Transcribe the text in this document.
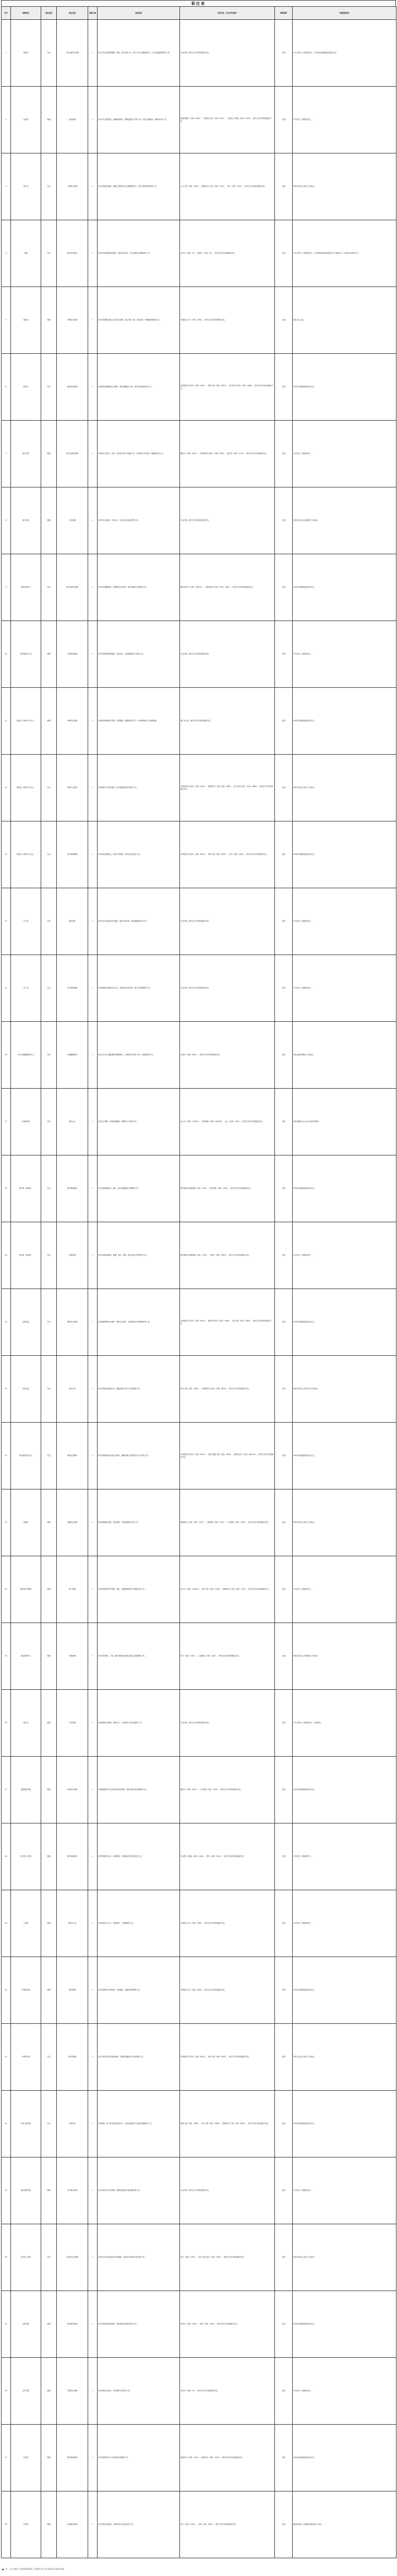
职位表
序号	招聘单位	岗位类别	岗位名称	招聘人数	岗位职责	所学专业、学历/学位要求	招聘范围	其他资格条件
1	组织部	专技	干部人事综合管理	1	负责干部人事档案整理、审核、数字化等工作；参与干部人事制度改革、人才队伍建设等相关工作。	专业不限，研究生学历并取得相应学位。	全国	1.中共党员（含预备党员）；2.2024年普通高校应届毕业生。
2	宣传部	管理	宣传管理	1	负责对外宣传报道、新闻媒体联络、舆情监测与引导等工作；负责文稿起草、新闻采写等工作。	新闻传播学（代码：0503）、中国语言文学（代码：0501）、马克思主义理论（代码：0305），研究生学历并取得相应学位。	全国	中共党员（含预备党员）。
3	审计处	专技	工程审计管理	1	负责学校基本建设、修缮工程等项目全过程跟踪审计；负责工程结算审核等工作。	土木工程（代码：0814）、管理科学与工程（代码：1201）、审计（代码：0257），研究生学历并取得相应学位。	全国	具有2年及以上相关工作经历。
4	团委	专技	团学活动指导	1	负责共青团基层组织建设、校园文化活动、学生社团及志愿服务等工作。	艺术学（代码：13）、教育学（代码：04），研究生学历并取得相应学位。	全国	1.中共党员（含预备党员）；2.本科阶段曾担任校级学生干部满1年；3.年龄在30周岁以下。
5	国际处	管理	外事综合管理	1	负责学校国际交流与合作项目管理、因公出国（境）手续办理、外籍教师管理等工作。	外国语言文学（代码：0502），研究生学历并取得相应学位。	全国	英语专业八级。
6	教务处	专技	教务信息管理	1	负责教务管理系统运行维护、教学数据统计分析、教学信息化建设等工作。	计算机科学与技术（代码：0812）、软件工程（代码：0835）、电子科学与技术（代码：0809），研究生学历并取得相应学位。	全国	2024年普通高校应届毕业生。
7	研究生院	管理	研究生教务管理	1	负责研究生招生、培养、学位授予等环节管理工作；负责相关文件起草、数据统计等工作。	教育学（代码：0401）、计算机科学与技术（代码：0812）、统计学（代码：0714），研究生学历并取得相应学位。	全国	中共党员（含预备党员）。
8	研究生院	管理	学位管理	1	负责学位点建设、学位评定、学位论文质量监控等工作。	专业不限，研究生学历并取得相应学位。	全国	具有2年及以上高校相关工作经历。
9	教育发展中心	专技	数字化教学管理	1	负责在线课程建设、智慧教室运行维护、教学资源平台管理等工作。	教育技术学（代码：040110）、计算机科学与技术（代码：0812），研究生学历并取得相应学位。	全国	2024年普通高校应届毕业生。
10	学科建设办公室	管理	学科规划管理	1	负责学科建设规划编制、学科评估、学科数据统计分析等工作。	专业不限，研究生学历并取得相应学位。	全国	中共党员（含预备党员）。
11	科技处（科研平台中心）	管理	科研项目管理	1	负责纵向科研项目申报、过程管理、结题验收等工作；负责科研统计与成果管理。	理工类专业，研究生学历并取得相应学位。	全国	2024年普通高校应届毕业生。
12	科技处（科研平台中心）	专技	科研平台建设	1	负责科研平台申报建设、运行管理及绩效考核等工作。	计算机科学与技术（代码：0812）、控制科学与工程（代码：0811）、电子科学与技术（代码：0809），研究生学历并取得相应学位。	全国	具有2年及以上相关工作经历。
13	科技处（科研平台中心）	专技	技术转移管理	1	负责科技成果转化、知识产权管理、技术合同登记等工作。	计算机科学与技术（代码：0812）、软件工程（代码：0835）、法学（代码：0301），研究生学历并取得相应学位。	全国	2024年普通高校应届毕业生。
14	学工部	专技	就业指导	1	负责毕业生就业指导与服务、就业市场开拓、就业数据统计等工作。	专业不限，研究生学历并取得相应学位。	全国	中共党员（含预备党员）。
15	学工部	专技	学生资助管理	1	负责家庭经济困难学生认定、奖助学金评审发放、勤工助学管理等工作。	专业不限，研究生学历并取得相应学位。	全国	中共党员（含预备党员）。
16	学生心理健康教育中心	专技	心理健康教育	1	负责大学生心理健康教育课程教学、心理咨询与危机干预、心理普查等工作。	心理学（代码：0402），研究生学历并取得相应学位。	全国	具有心理咨询相关工作经历。
17	计划财务处	专技	财务会计	1	负责会计核算、财务报表编制、预算执行分析等工作。	会计学（代码：120201）、财务管理（代码：120204）、会计（代码：1253），研究生学历并取得相应学位。	全国	具有初级及以上会计专业技术资格。
18	图书馆（档案馆）	专技	图书资源建设	1	负责文献资源采访、编目、数字资源建设与管理等工作。	图书情报与档案管理（代码：1205）、图书情报（代码：1255），研究生学历并取得相应学位。	全国	2024年普通高校应届毕业生。
19	图书馆（档案馆）	专技	档案管理	1	负责学校档案收集、整理、鉴定、保管、数字化及开发利用等工作。	图书情报与档案管理（代码：1205）、中国史（代码：0602），研究生学历并取得相应学位。	全国	中共党员（含预备党员）。
20	信息化处	专技	网络安全管理	1	负责校园网络运行维护、网络安全防护、信息系统安全等级保护等工作。	计算机科学与技术（代码：0812）、网络空间安全（代码：0839）、电子信息（代码：0854），研究生学历并取得相应学位。	全国	2024年普通高校应届毕业生。
21	信息化处	专技	软件开发	1	负责学校信息系统开发、数据治理与共享平台建设等工作。	软件工程（代码：0835）、计算机科学与技术（代码：0812），研究生学历并取得相应学位。	全国	具有2年及以上软件开发工作经历。
22	现代教育技术中心	专技	教育技术服务	1	负责多媒体教学设备运行维护、课程录制与在线教学平台支持等工作。	计算机科学与技术（代码：0812）、信息与通信工程（代码：0810）、教育技术学（代码：040110），研究生学历并取得相应学位。	全国	2024年普通高校应届毕业生。
23	后勤处	管理	后勤综合管理	1	负责后勤服务监管、物业管理、节能管理等综合性工作。	管理科学与工程（代码：1201）、工商管理（代码：1202）、公共管理（代码：1204），研究生学历并取得相应学位。	全国	具有2年及以上相关工作经历。
24	国有资产管理处	管理	资产管理	1	负责学校国有资产配置、使用、处置管理及资产清查统计等工作。	会计学（代码：120201）、资产评估（代码：0256）、管理科学与工程（代码：1201），研究生学历并取得相应学位。	全国	中共党员（含预备党员）。
25	招标采购中心	管理	采购管理	1	负责学校货物、工程、服务采购项目组织实施及合同管理等工作。	法学（代码：0301）、工商管理（代码：1202），研究生学历并取得相应学位。	全国	具有2年及以上采购相关工作经历。
26	保卫处	管理	安全管理	1	负责校园治安管理、消防安全、安全教育与应急处置等工作。	专业不限，研究生学历并取得相应学位。	全国	1.中共党员（含预备党员）；2.限男性。
27	继续教育学院	管理	培训项目管理	1	负责继续教育与非学历培训项目策划、组织实施与质量管理等工作。	教育学（代码：0401）、公共管理（代码：1204），研究生学历并取得相应学位。	全国	2024年普通高校应届毕业生。
28	马克思主义学院	管理	教学科研秘书	1	负责学院教学运行、科研管理、学科建设等日常事务性工作。	马克思主义理论（代码：0305）、哲学（代码：0101），研究生学历并取得相应学位。	全国	中共党员（含预备党员）。
29	文学院	管理	学院办公室	1	负责学院综合文字、党政事务、人事管理等工作。	中国语言文学（代码：0501），研究生学历并取得相应学位。	全国	中共党员（含预备党员）。
30	外国语学院	管理	教学管理	1	负责学院教学计划安排、考务管理、学籍成绩管理等工作。	外国语言文学（代码：0502），研究生学历并取得相应学位。	全国	2024年普通高校应届毕业生。
31	计算机学院	专技	实验室管理	1	负责计算机实验室设备管理、实验教学辅助与安全管理等工作。	计算机科学与技术（代码：0812）、软件工程（代码：0835），研究生学历并取得相应学位。	全国	具有2年及以上相关工作经历。
32	机电工程学院	专技	实验技术	1	负责机械、电气类实验室建设运行、实验设备维护与实验教学辅助等工作。	机械工程（代码：0802）、电气工程（代码：0808）、控制科学与工程（代码：0811），研究生学历并取得相应学位。	全国	2024年普通高校应届毕业生。
33	经济管理学院	管理	学生事务管理	1	负责学院学生日常管理、思想政治教育与就业服务等工作。	专业不限，研究生学历并取得相应学位。	全国	中共党员（含预备党员）。
34	化学化工学院	专技	实验室安全管理	1	负责化学实验室危险化学品管理、实验室安全检查与培训等工作。	化学（代码：0703）、化学工程与技术（代码：0817），研究生学历并取得相应学位。	全国	具有2年及以上相关工作经历。
35	体育学院	管理	体育事务管理	1	负责学校体育赛事组织、场馆管理与群体活动等工作。	体育学（代码：0403）、体育（代码：0452），研究生学历并取得相应学位。	全国	2024年普通高校应届毕业生。
36	艺术学院	管理	学院综合管理	1	负责学院综合事务、对外联络与宣传等工作。	艺术学（代码：13），研究生学历并取得相应学位。	全国	中共党员（含预备党员）。
37	医学院	管理	教学科研管理	1	负责学院教学运行与科研项目管理等工作。	基础医学（代码：1001）、临床医学（代码：1002），研究生学历并取得相应学位。	全国	2024年普通高校应届毕业生。
38	法学院	管理	法律事务管理	1	负责学校合同审查、法律咨询与法治宣传等工作。	法学（代码：0301）、法律（代码：0351），研究生学历并取得相应学位。	全国	通过国家统一法律职业资格考试（A证）。
注：以上岗位人员的岗位职责、所需专业与学历要求以本表为准。
